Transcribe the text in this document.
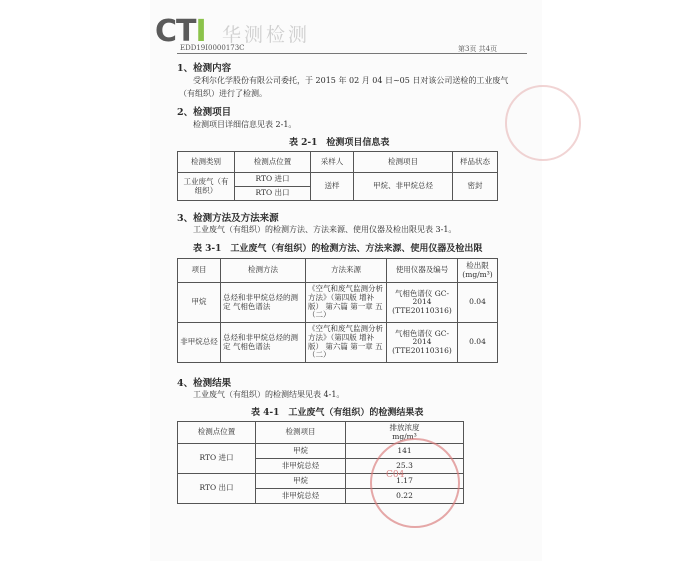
CTI 华测检测
EDD19I0000173C	第3页 共4页
1、检测内容
受利尔化学股份有限公司委托，于 2015 年 02 月 04 日~05 日对该公司送检的工业废气
（有组织）进行了检测。
2、检测项目
检测项目详细信息见表 2-1。
表 2-1　检测项目信息表
检测类别	检测点位置	采样人	检测项目	样品状态
工业废气（有组织）	RTO 进口	送样	甲烷、非甲烷总烃	密封
	RTO 出口			
3、检测方法及方法来源
工业废气（有组织）的检测方法、方法来源、使用仪器及检出限见表 3-1。
表 3-1　工业废气（有组织）的检测方法、方法来源、使用仪器及检出限
项目	检测方法	方法来源	使用仪器及编号	检出限
(mg/m³)
甲烷	总烃和非甲烷总烃的测定 气相色谱法	《空气和废气监测分析方法》（第四版 增补版） 第六篇 第一章 五（二）	气相色谱仪 GC-2014 (TTE20110316)	0.04
非甲烷总烃	总烃和非甲烷总烃的测定 气相色谱法	《空气和废气监测分析方法》（第四版 增补版） 第六篇 第一章 五（二）	气相色谱仪 GC-2014 (TTE20110316)	0.04
4、检测结果
工业废气（有组织）的检测结果见表 4-1。
表 4-1　工业废气（有组织）的检测结果表
检测点位置	检测项目	排放浓度
mg/m³
RTO 进口	甲烷	141
	非甲烷总烃	25.3
RTO 出口	甲烷	1.17
	非甲烷总烃	0.22
C04
